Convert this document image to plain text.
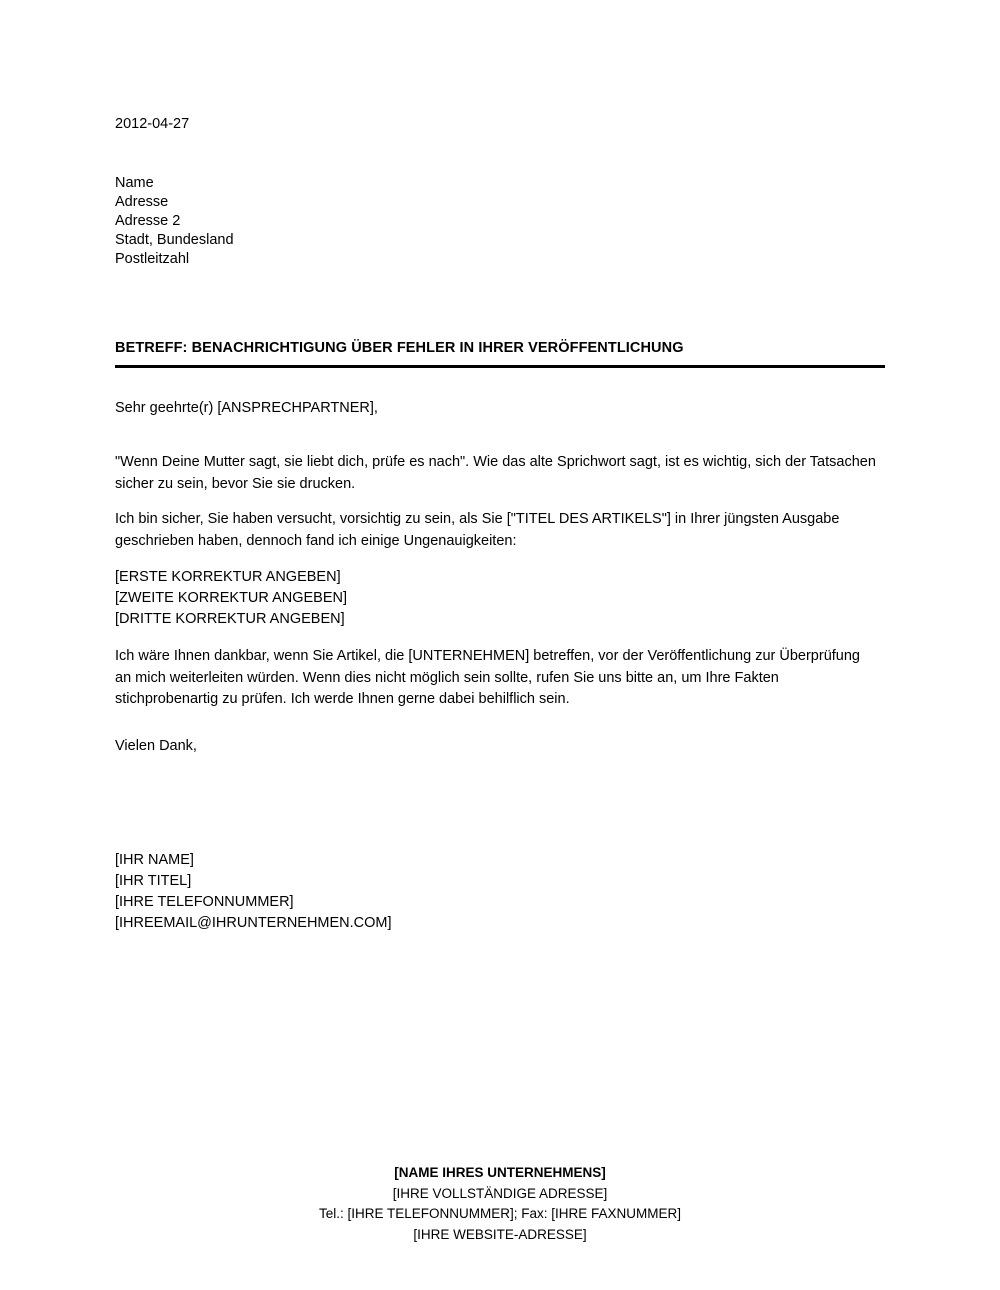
2012-04-27
Name
Adresse
Adresse 2
Stadt, Bundesland
Postleitzahl
BETREFF: BENACHRICHTIGUNG ÜBER FEHLER IN IHRER VERÖFFENTLICHUNG
Sehr geehrte(r) [ANSPRECHPARTNER],
"Wenn Deine Mutter sagt, sie liebt dich, prüfe es nach". Wie das alte Sprichwort sagt, ist es wichtig, sich der Tatsachen sicher zu sein, bevor Sie sie drucken.
Ich bin sicher, Sie haben versucht, vorsichtig zu sein, als Sie ["TITEL DES ARTIKELS"] in Ihrer jüngsten Ausgabe geschrieben haben, dennoch fand ich einige Ungenauigkeiten:
[ERSTE KORREKTUR ANGEBEN]
[ZWEITE KORREKTUR ANGEBEN]
[DRITTE KORREKTUR ANGEBEN]
Ich wäre Ihnen dankbar, wenn Sie Artikel, die [UNTERNEHMEN] betreffen, vor der Veröffentlichung zur Überprüfung an mich weiterleiten würden. Wenn dies nicht möglich sein sollte, rufen Sie uns bitte an, um Ihre Fakten stichprobenartig zu prüfen. Ich werde Ihnen gerne dabei behilflich sein.
Vielen Dank,
[IHR NAME]
[IHR TITEL]
[IHRE TELEFONNUMMER]
[IHREEMAIL@IHRUNTERNEHMEN.COM]
[NAME IHRES UNTERNEHMENS]
[IHRE VOLLSTÄNDIGE ADRESSE]
Tel.: [IHRE TELEFONNUMMER]; Fax: [IHRE FAXNUMMER]
[IHRE WEBSITE-ADRESSE]
